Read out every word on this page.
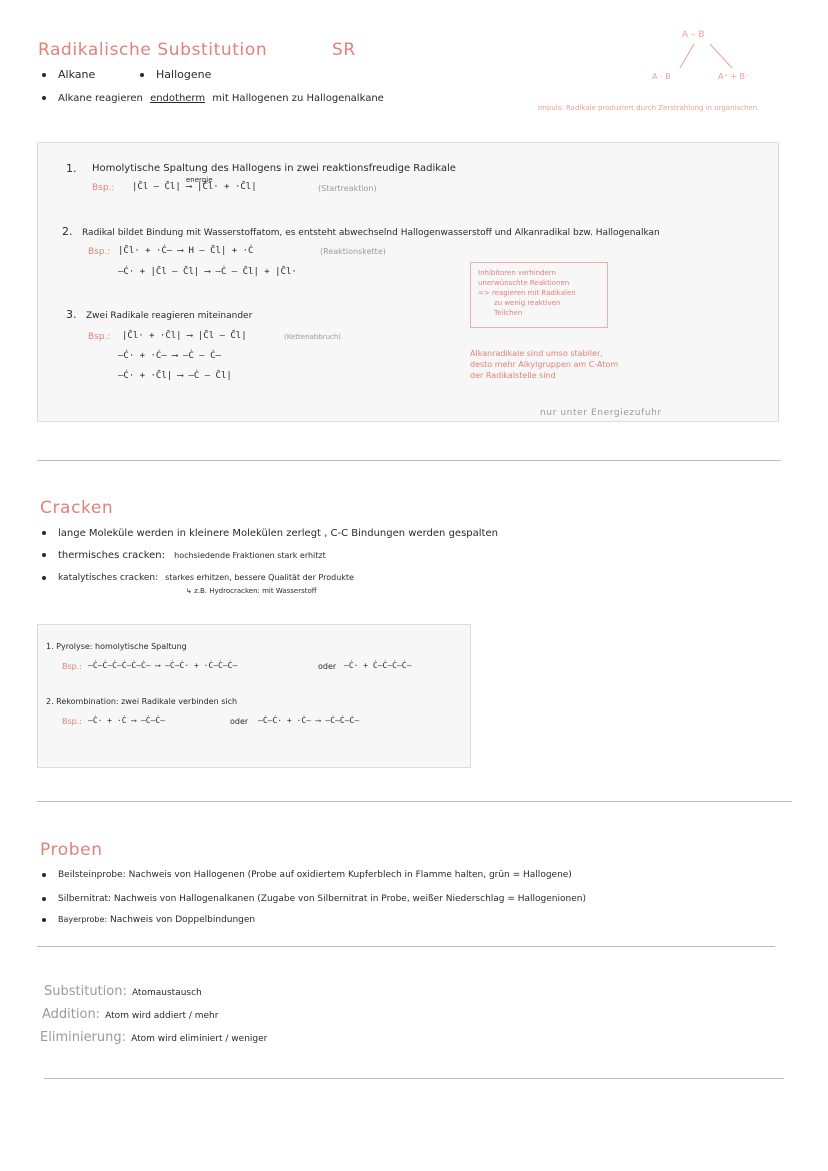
Radikalische Substitution	SR
Alkane	Hallogene
Alkane reagieren endotherm mit Hallogenen zu Hallogenalkane
A – B
A · B	A⁺ + B⁻
Impuls: Radikale produziert durch Zerstrahlung in organischen
1. Homolytische Spaltung des Hallogens in zwei reaktionsfreudige Radikale
Bsp.: |C̄l – C̄l| ⟶ |C̄l· + ·C̄l|
energie
(Startreaktion)
2. Radikal bildet Bindung mit Wasserstoffatom, es entsteht abwechselnd Hallogenwasserstoff und Alkanradikal bzw. Hallogenalkan
Bsp.: |C̄l· + ·Ċ– ⟶ H – C̄l| + ·Ċ	(Reaktionskette)
–Ċ· + |C̄l – C̄l| ⟶ –Ċ – C̄l| + |C̄l·	Inhibitoren verhindern
unerwünschte Reaktionen
=> reagieren mit Radikalen
zu wenig reaktiven
Teilchen
3. Zwei Radikale reagieren miteinander
Bsp.: |C̄l· + ·C̄l| ⟶ |C̄l – C̄l|	(Kettenabbruch)
–Ċ· + ·Ċ– ⟶ –Ċ – Ċ–
–Ċ· + ·C̄l| ⟶ –Ċ – C̄l|
Alkanradikale sind umso stabiler,
desto mehr Alkylgruppen am C-Atom
der Radikalstelle sind
nur unter Energiezufuhr
Cracken
lange Moleküle werden in kleinere Molekülen zerlegt , C-C Bindungen werden gespalten
thermisches cracken: hochsiedende Fraktionen stark erhitzt
katalytisches cracken: starkes erhitzen, bessere Qualität der Produkte
↳ z.B. Hydrocracken: mit Wasserstoff
1. Pyrolyse: homolytische Spaltung
Bsp.: –Ċ–Ċ–Ċ–Ċ–Ċ–Ċ– ⟶ –Ċ–Ċ· + ·Ċ–Ċ–Ċ–	oder –Ċ· + Ċ–Ċ–Ċ–Ċ–
2. Rekombination: zwei Radikale verbinden sich
Bsp.: –Ċ· + ·Ċ ⟶ –Ċ–Ċ–	oder –Ċ–Ċ· + ·Ċ– ⟶ –Ċ–Ċ–Ċ–
Proben
Beilsteinprobe: Nachweis von Hallogenen (Probe auf oxidiertem Kupferblech in Flamme halten, grün = Hallogene)
Silbernitrat: Nachweis von Hallogenalkanen (Zugabe von Silbernitrat in Probe, weißer Niederschlag = Hallogenionen)
Bayerprobe: Nachweis von Doppelbindungen
Substitution: Atomaustausch
Addition: Atom wird addiert / mehr
Eliminierung: Atom wird eliminiert / weniger
